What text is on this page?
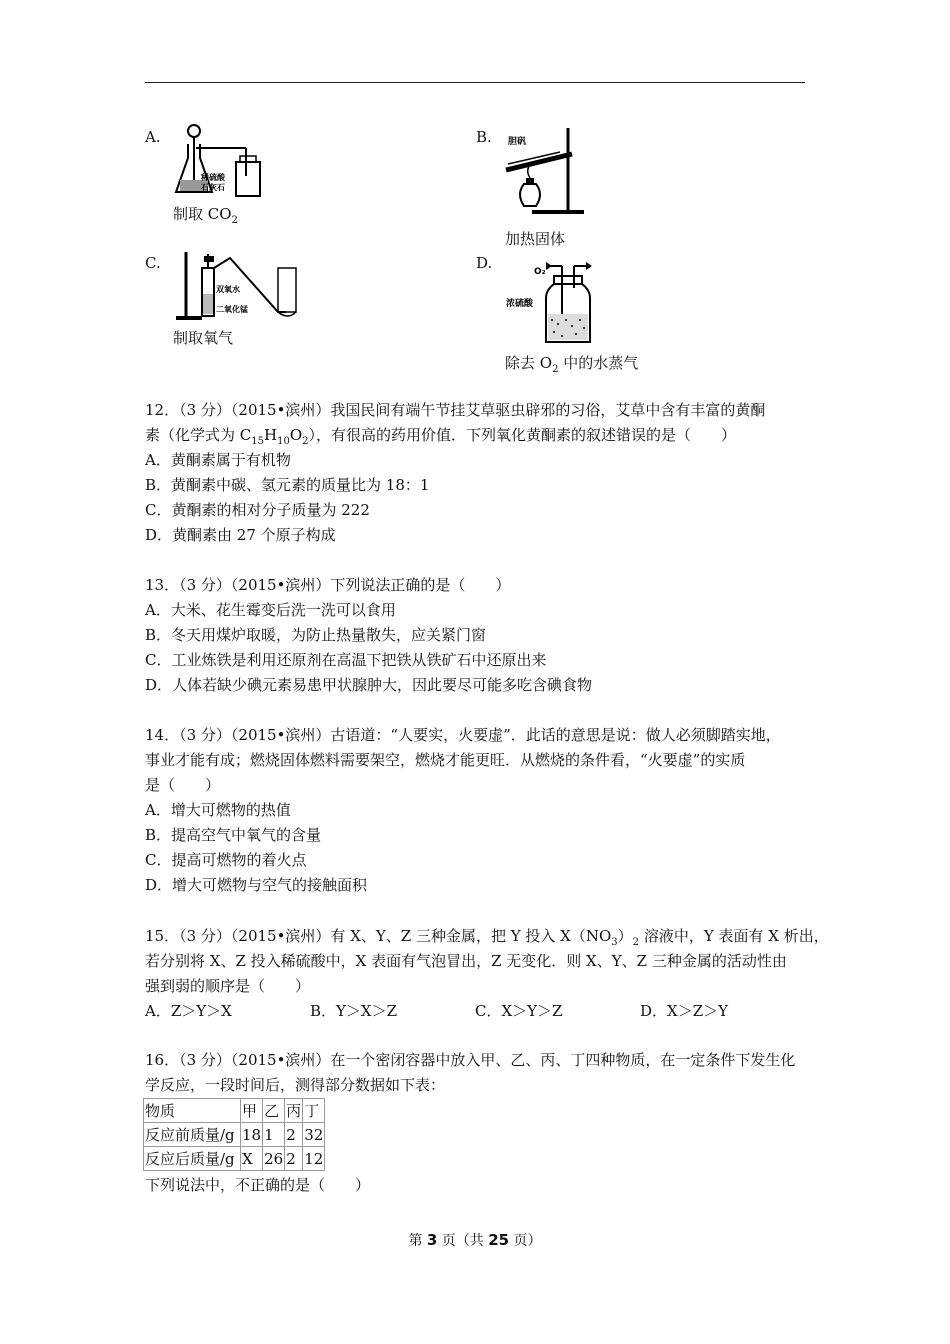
A.
稀硫酸
石灰石
制取 $CO_2$
B. 胆矾
加热固体
C.
双氧水
二氧化锰
制取氧气
D.	O₂
浓硫酸
除去 $O_2$ 中的水蒸气
12．（3 分）（2015•滨州）我国民间有端午节挂艾草驱虫辟邪的习俗，艾草中含有丰富的黄酮
素（化学式为 $C_{15}H_{10}O_2$），有很高的药用价值．下列氧化黄酮素的叙述错误的是（　　）
A．黄酮素属于有机物
B．黄酮素中碳、氢元素的质量比为 18：1
C．黄酮素的相对分子质量为 222
D．黄酮素由 27 个原子构成
13．（3 分）（2015•滨州）下列说法正确的是（　　）
A．大米、花生霉变后洗一洗可以食用
B．冬天用煤炉取暖，为防止热量散失，应关紧门窗
C．工业炼铁是利用还原剂在高温下把铁从铁矿石中还原出来
D．人体若缺少碘元素易患甲状腺肿大，因此要尽可能多吃含碘食物
14．（3 分）（2015•滨州）古语道：“人要实，火要虚”．此话的意思是说：做人必须脚踏实地，
事业才能有成；燃烧固体燃料需要架空，燃烧才能更旺．从燃烧的条件看，“火要虚”的实质
是（　　）
A．增大可燃物的热值
B．提高空气中氧气的含量
C．提高可燃物的着火点
D．增大可燃物与空气的接触面积
15．（3 分）（2015•滨州）有 X、Y、Z 三种金属，把 Y 投入 $X(NO_3)_2$ 溶液中，Y 表面有 X 析出，
若分别将 X、Z 投入稀硫酸中，X 表面有气泡冒出，Z 无变化．则 X、Y、Z 三种金属的活动性由
强到弱的顺序是（　　）
A．Z＞Y＞X	B．Y＞X＞Z	C．X＞Y＞Z	D．X＞Z＞Y
16．（3 分）（2015•滨州）在一个密闭容器中放入甲、乙、丙、丁四种物质，在一定条件下发生化
学反应，一段时间后，测得部分数据如下表：
物质	甲	乙	丙	丁
反应前质量/g	18	1	2	32
反应后质量/g	X	26	2	12
下列说法中，不正确的是（　　）
第 3 页（共 25 页）
